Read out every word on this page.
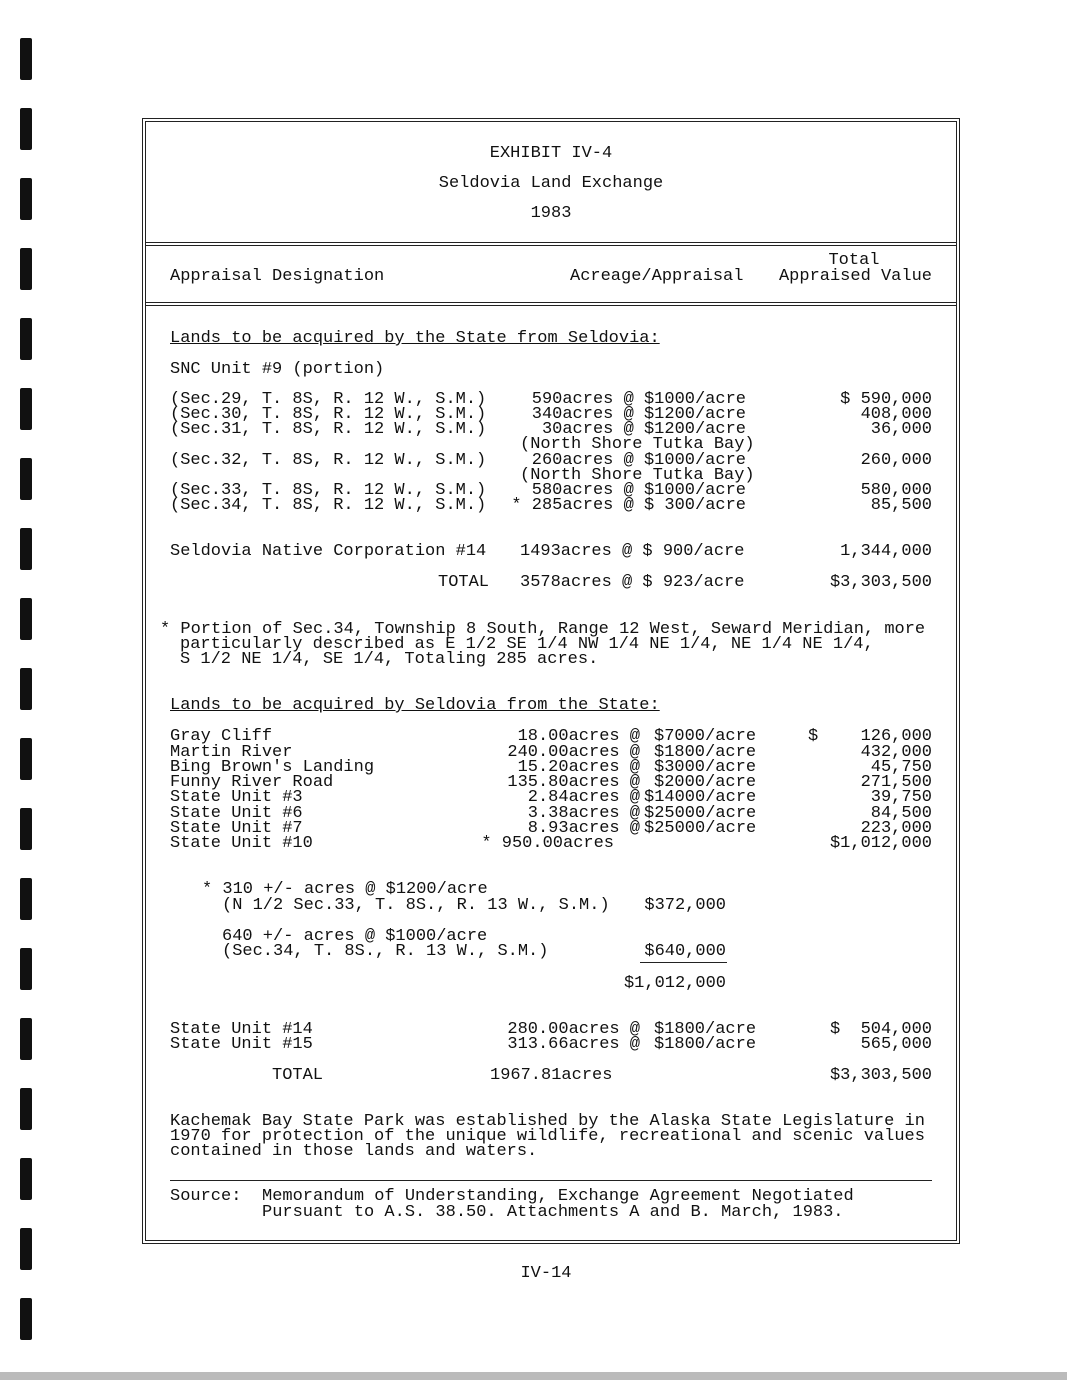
EXHIBIT IV-4
Seldovia Land Exchange
1983
Appraisal Designation	Acreage/Appraisal
Total
Appraised Value
Lands to be acquired by the State from Seldovia:
SNC Unit #9 (portion)
(Sec.29, T. 8S, R. 12 W., S.M.)	590acres @ $1000/acre	$ 590,000
(Sec.30, T. 8S, R. 12 W., S.M.)	340acres @ $1200/acre	408,000
(Sec.31, T. 8S, R. 12 W., S.M.)	30acres @ $1200/acre	36,000
(North Shore Tutka Bay)
(Sec.32, T. 8S, R. 12 W., S.M.)	260acres @ $1000/acre	260,000
(North Shore Tutka Bay)
(Sec.33, T. 8S, R. 12 W., S.M.)	580acres @ $1000/acre	580,000
(Sec.34, T. 8S, R. 12 W., S.M.)	* 285acres @ $ 300/acre	85,500
Seldovia Native Corporation #14 1493acres @ $ 900/acre	1,344,000
TOTAL 3578acres @ $ 923/acre	$3,303,500
* Portion of Sec.34, Township 8 South, Range 12 West, Seward Meridian, more
particularly described as E 1/2 SE 1/4 NW 1/4 NE 1/4, NE 1/4 NE 1/4,
S 1/2 NE 1/4, SE 1/4, Totaling 285 acres.
Lands to be acquired by Seldovia from the State:
Gray Cliff	18.00acres @ $7000/acre	$	126,000
Martin River	240.00acres @ $1800/acre	432,000
Bing Brown's Landing	15.20acres @ $3000/acre	45,750
Funny River Road	135.80acres @ $2000/acre	271,500
State Unit #3	2.84acres @ $14000/acre	39,750
State Unit #6	3.38acres @ $25000/acre	84,500
State Unit #7	8.93acres @ $25000/acre	223,000
State Unit #10	* 950.00acres	$1,012,000
* 310 +/- acres @ $1200/acre
(N 1/2 Sec.33, T. 8S., R. 13 W., S.M.)	$372,000
640 +/- acres @ $1000/acre
(Sec.34, T. 8S., R. 13 W., S.M.)	$640,000
$1,012,000
State Unit #14	280.00acres @ $1800/acre	$	504,000
State Unit #15	313.66acres @ $1800/acre	565,000
TOTAL	1967.81acres	$3,303,500
Kachemak Bay State Park was established by the Alaska State Legislature in
1970 for protection of the unique wildlife, recreational and scenic values
contained in those lands and waters.
Source: Memorandum of Understanding, Exchange Agreement Negotiated
Pursuant to A.S. 38.50. Attachments A and B. March, 1983.
IV-14
